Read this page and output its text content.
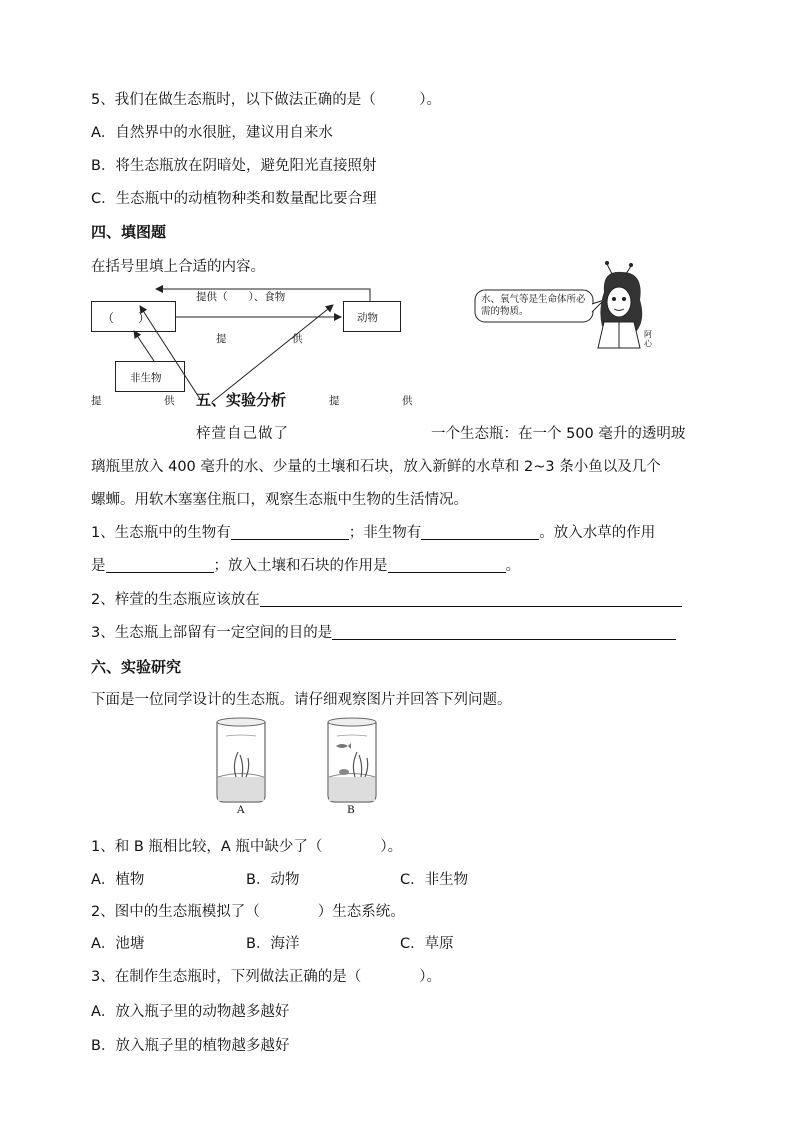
5、我们在做生态瓶时，以下做法正确的是（　　　）。
A．自然界中的水很脏，建议用自来水
B．将生态瓶放在阴暗处，避免阳光直接照射
C．生态瓶中的动植物种类和数量配比要合理
四、填图题
在括号里填上合适的内容。
（　　）	动物
非生物
提供（　　）、食物
提	供
提	供	提	供
水、氧气等是生命体所必需的物质。
阿 心
五、实验分析
梓萱自己做了	一个生态瓶：在一个 500 毫升的透明玻
璃瓶里放入 400 毫升的水、少量的土壤和石块，放入新鲜的水草和 2~3 条小鱼以及几个
螺蛳。用软木塞塞住瓶口，观察生态瓶中生物的生活情况。
1、生态瓶中的生物有	；非生物有	。放入水草的作用
是	；放入土壤和石块的作用是	。
2、梓萱的生态瓶应该放在
3、生态瓶上部留有一定空间的目的是
六、实验研究
下面是一位同学设计的生态瓶。请仔细观察图片并回答下列问题。
A	B
1、和 B 瓶相比较，A 瓶中缺少了（　　　　）。
A．植物	B．动物	C．非生物
2、图中的生态瓶模拟了（　　　　）生态系统。
A．池塘	B．海洋	C．草原
3、在制作生态瓶时，下列做法正确的是（　　　　）。
A．放入瓶子里的动物越多越好
B．放入瓶子里的植物越多越好
